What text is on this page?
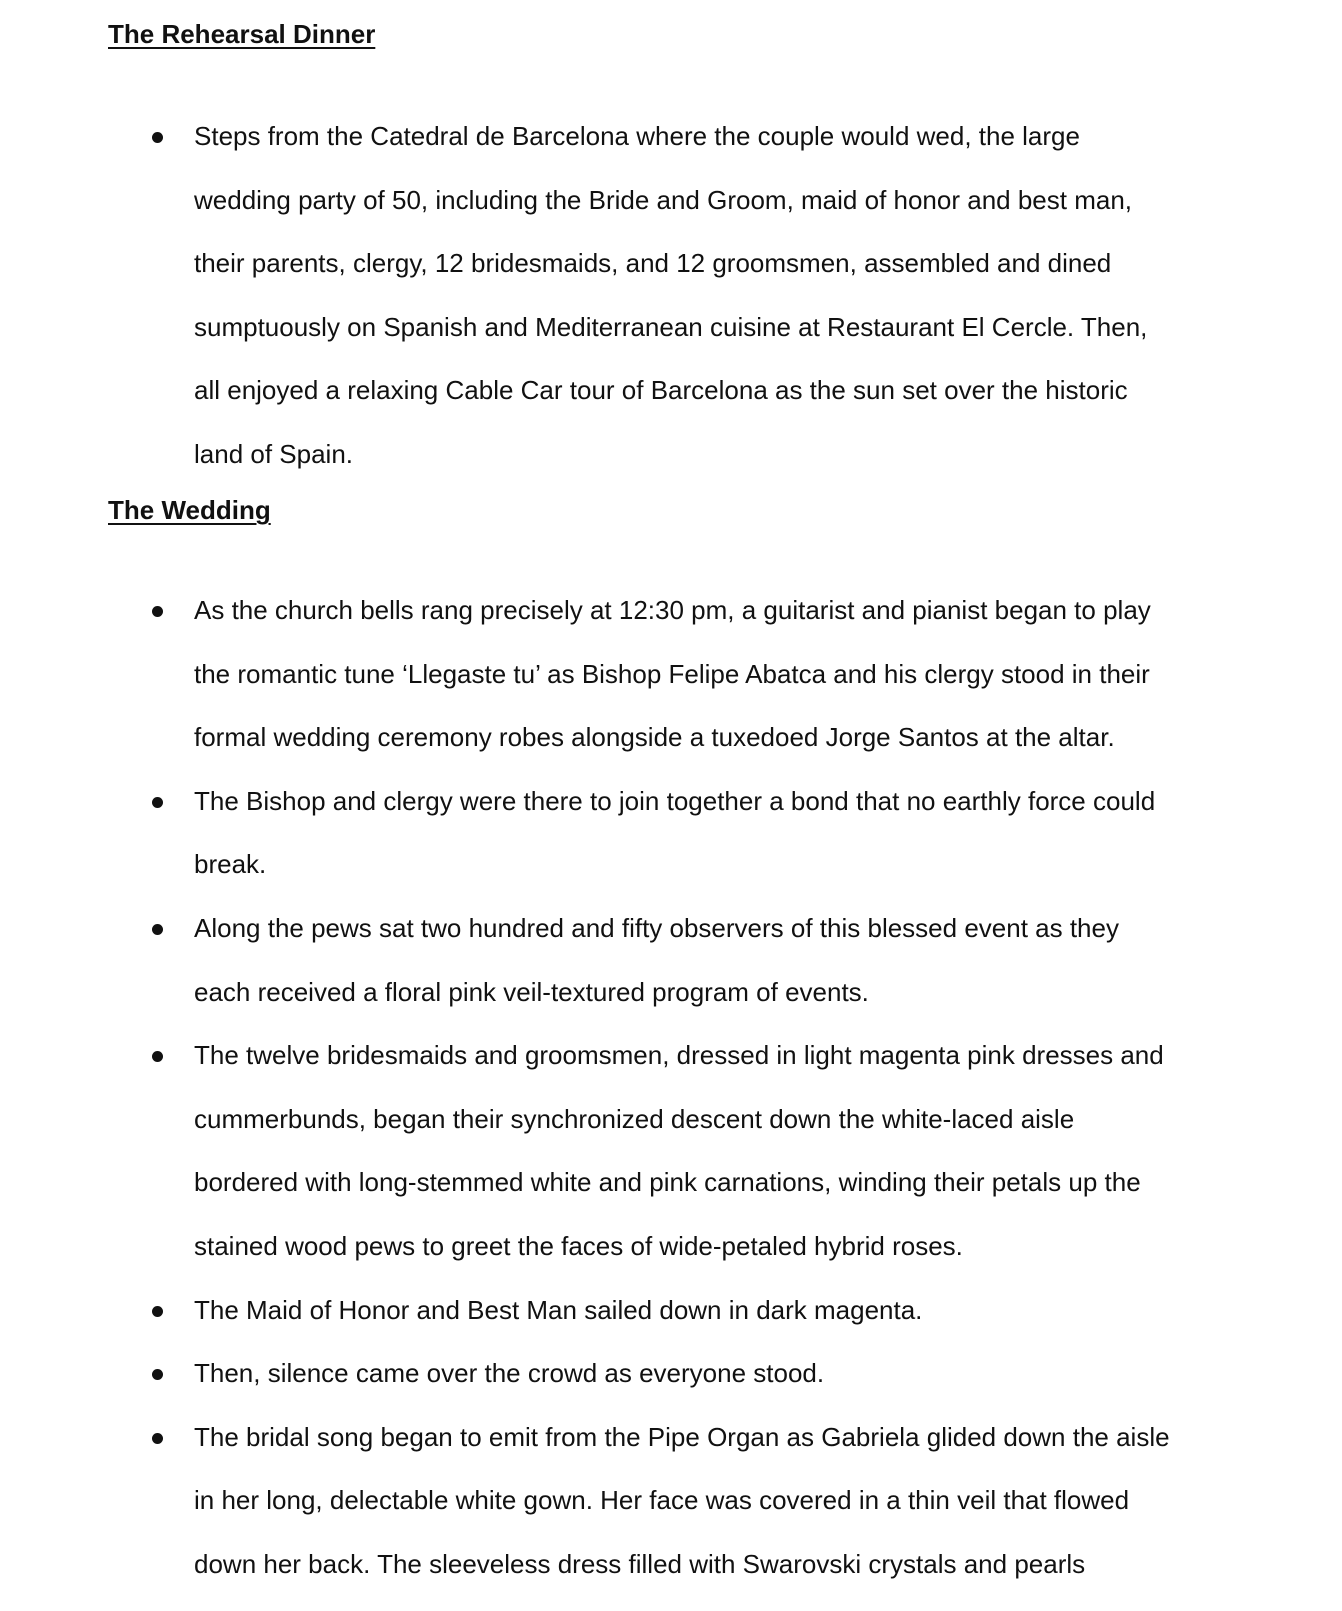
The Rehearsal Dinner
Steps from the Catedral de Barcelona where the couple would wed, the large
wedding party of 50, including the Bride and Groom, maid of honor and best man,
their parents, clergy, 12 bridesmaids, and 12 groomsmen, assembled and dined
sumptuously on Spanish and Mediterranean cuisine at Restaurant El Cercle. Then,
all enjoyed a relaxing Cable Car tour of Barcelona as the sun set over the historic
land of Spain.
The Wedding
As the church bells rang precisely at 12:30 pm, a guitarist and pianist began to play
the romantic tune ‘Llegaste tu’ as Bishop Felipe Abatca and his clergy stood in their
formal wedding ceremony robes alongside a tuxedoed Jorge Santos at the altar.
The Bishop and clergy were there to join together a bond that no earthly force could
break.
Along the pews sat two hundred and fifty observers of this blessed event as they
each received a floral pink veil-textured program of events.
The twelve bridesmaids and groomsmen, dressed in light magenta pink dresses and
cummerbunds, began their synchronized descent down the white-laced aisle
bordered with long-stemmed white and pink carnations, winding their petals up the
stained wood pews to greet the faces of wide-petaled hybrid roses.
The Maid of Honor and Best Man sailed down in dark magenta.
Then, silence came over the crowd as everyone stood.
The bridal song began to emit from the Pipe Organ as Gabriela glided down the aisle
in her long, delectable white gown. Her face was covered in a thin veil that flowed
down her back. The sleeveless dress filled with Swarovski crystals and pearls
